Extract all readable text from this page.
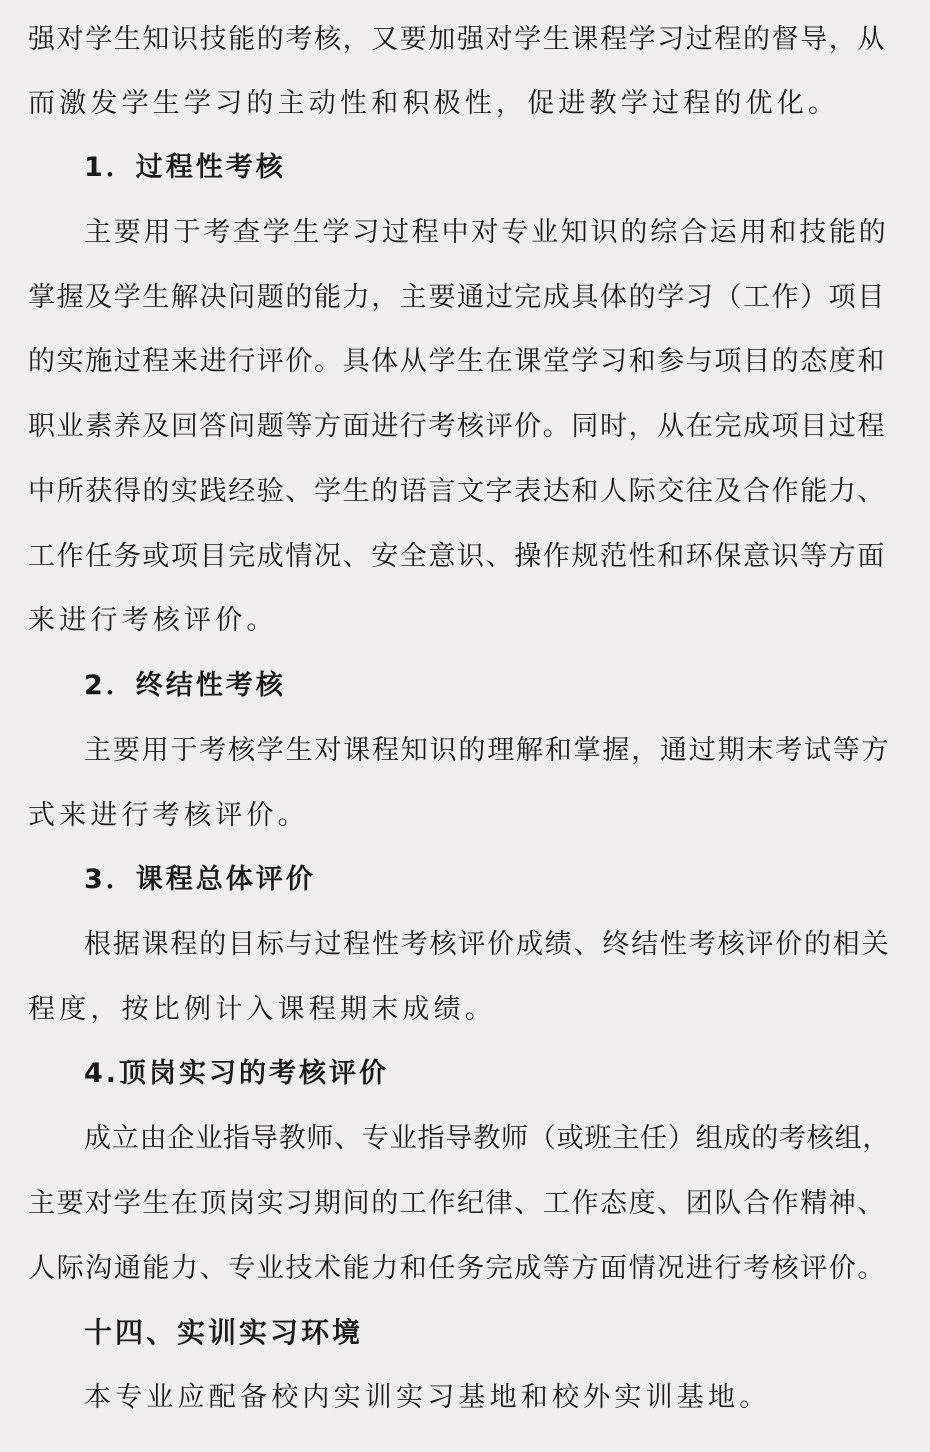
强对学生知识技能的考核，又要加强对学生课程学习过程的督导，从
而激发学生学习的主动性和积极性，促进教学过程的优化。
1．过程性考核
主要用于考查学生学习过程中对专业知识的综合运用和技能的
掌握及学生解决问题的能力，主要通过完成具体的学习（工作）项目
的实施过程来进行评价。具体从学生在课堂学习和参与项目的态度和
职业素养及回答问题等方面进行考核评价。同时，从在完成项目过程
中所获得的实践经验、学生的语言文字表达和人际交往及合作能力、
工作任务或项目完成情况、安全意识、操作规范性和环保意识等方面
来进行考核评价。
2．终结性考核
主要用于考核学生对课程知识的理解和掌握，通过期末考试等方
式来进行考核评价。
3．课程总体评价
根据课程的目标与过程性考核评价成绩、终结性考核评价的相关
程度，按比例计入课程期末成绩。
4.顶岗实习的考核评价
成立由企业指导教师、专业指导教师（或班主任）组成的考核组，
主要对学生在顶岗实习期间的工作纪律、工作态度、团队合作精神、
人际沟通能力、专业技术能力和任务完成等方面情况进行考核评价。
十四、实训实习环境
本专业应配备校内实训实习基地和校外实训基地。
